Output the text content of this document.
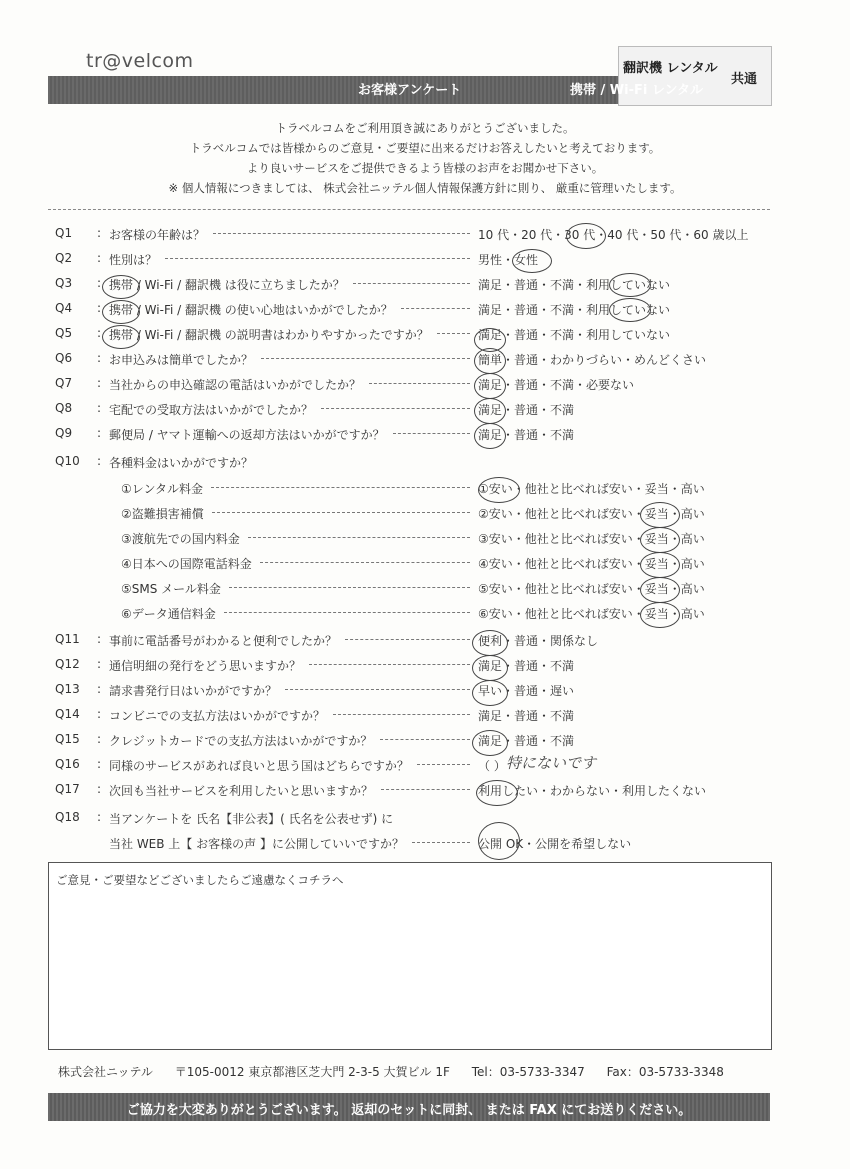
tr@velcom
お客様アンケート
翻訳機 レンタル
共通
携帯 / Wi-Fi レンタル
トラベルコムをご利用頂き誠にありがとうございました。
トラベルコムでは皆様からのご意見・ご要望に出来るだけお答えしたいと考えております。
より良いサービスをご提供できるよう皆様のお声をお聞かせ下さい。
※ 個人情報につきましては、 株式会社ニッテル個人情報保護方針に則り、 厳重に管理いたします。
Q1	: お客様の年齢は？	10 代・20 代・30 代・40 代・50 代・60 歳以上
Q2	: 性別は？	男性・女性
Q3	: 携帯 / Wi-Fi / 翻訳機 は役に立ちましたか？	満足・普通・不満・利用していない
Q4	: 携帯 / Wi-Fi / 翻訳機 の使い心地はいかがでしたか？	満足・普通・不満・利用していない
Q5	: 携帯 / Wi-Fi / 翻訳機 の説明書はわかりやすかったですか？	満足・普通・不満・利用していない
Q6	: お申込みは簡単でしたか？	簡単・普通・わかりづらい・めんどくさい
Q7	: 当社からの申込確認の電話はいかがでしたか？	満足・普通・不満・必要ない
Q8	: 宅配での受取方法はいかがでしたか？	満足・普通・不満
Q9	: 郵便局 / ヤマト運輸への返却方法はいかがですか？	満足・普通・不満
Q10	: 各種料金はいかがですか？
①レンタル料金	①安い・他社と比べれば安い・妥当・高い
②盗難損害補償	②安い・他社と比べれば安い・妥当・高い
③渡航先での国内料金	③安い・他社と比べれば安い・妥当・高い
④日本への国際電話料金	④安い・他社と比べれば安い・妥当・高い
⑤SMS メール料金	⑤安い・他社と比べれば安い・妥当・高い
⑥データ通信料金	⑥安い・他社と比べれば安い・妥当・高い
Q11	: 事前に電話番号がわかると便利でしたか？	便利・普通・関係なし
Q12	: 通信明細の発行をどう思いますか？	満足・普通・不満
Q13	: 請求書発行日はいかがですか？	早い・普通・遅い
Q14	: コンビニでの支払方法はいかがですか？	満足・普通・不満
Q15	: クレジットカードでの支払方法はいかがですか？	満足・普通・不満
Q16	: 同様のサービスがあれば良いと思う国はどちらですか？	（ ）
Q17	: 次回も当社サービスを利用したいと思いますか？	利用したい・わからない・利用したくない
Q18	: 当アンケートを 氏名【非公表】( 氏名を公表せず) に
当社 WEB 上【 お客様の声 】に公開していいですか？	公開 OK・公開を希望しない
特にないです
ご意見・ご要望などございましたらご遠慮なくコチラへ
株式会社ニッテル 〒105-0012 東京都港区芝大門 2-3-5 大賀ビル 1F Tel：03-5733-3347 Fax：03-5733-3348
ご協力を大変ありがとうございます。 返却のセットに同封、 または FAX にてお送りください。
